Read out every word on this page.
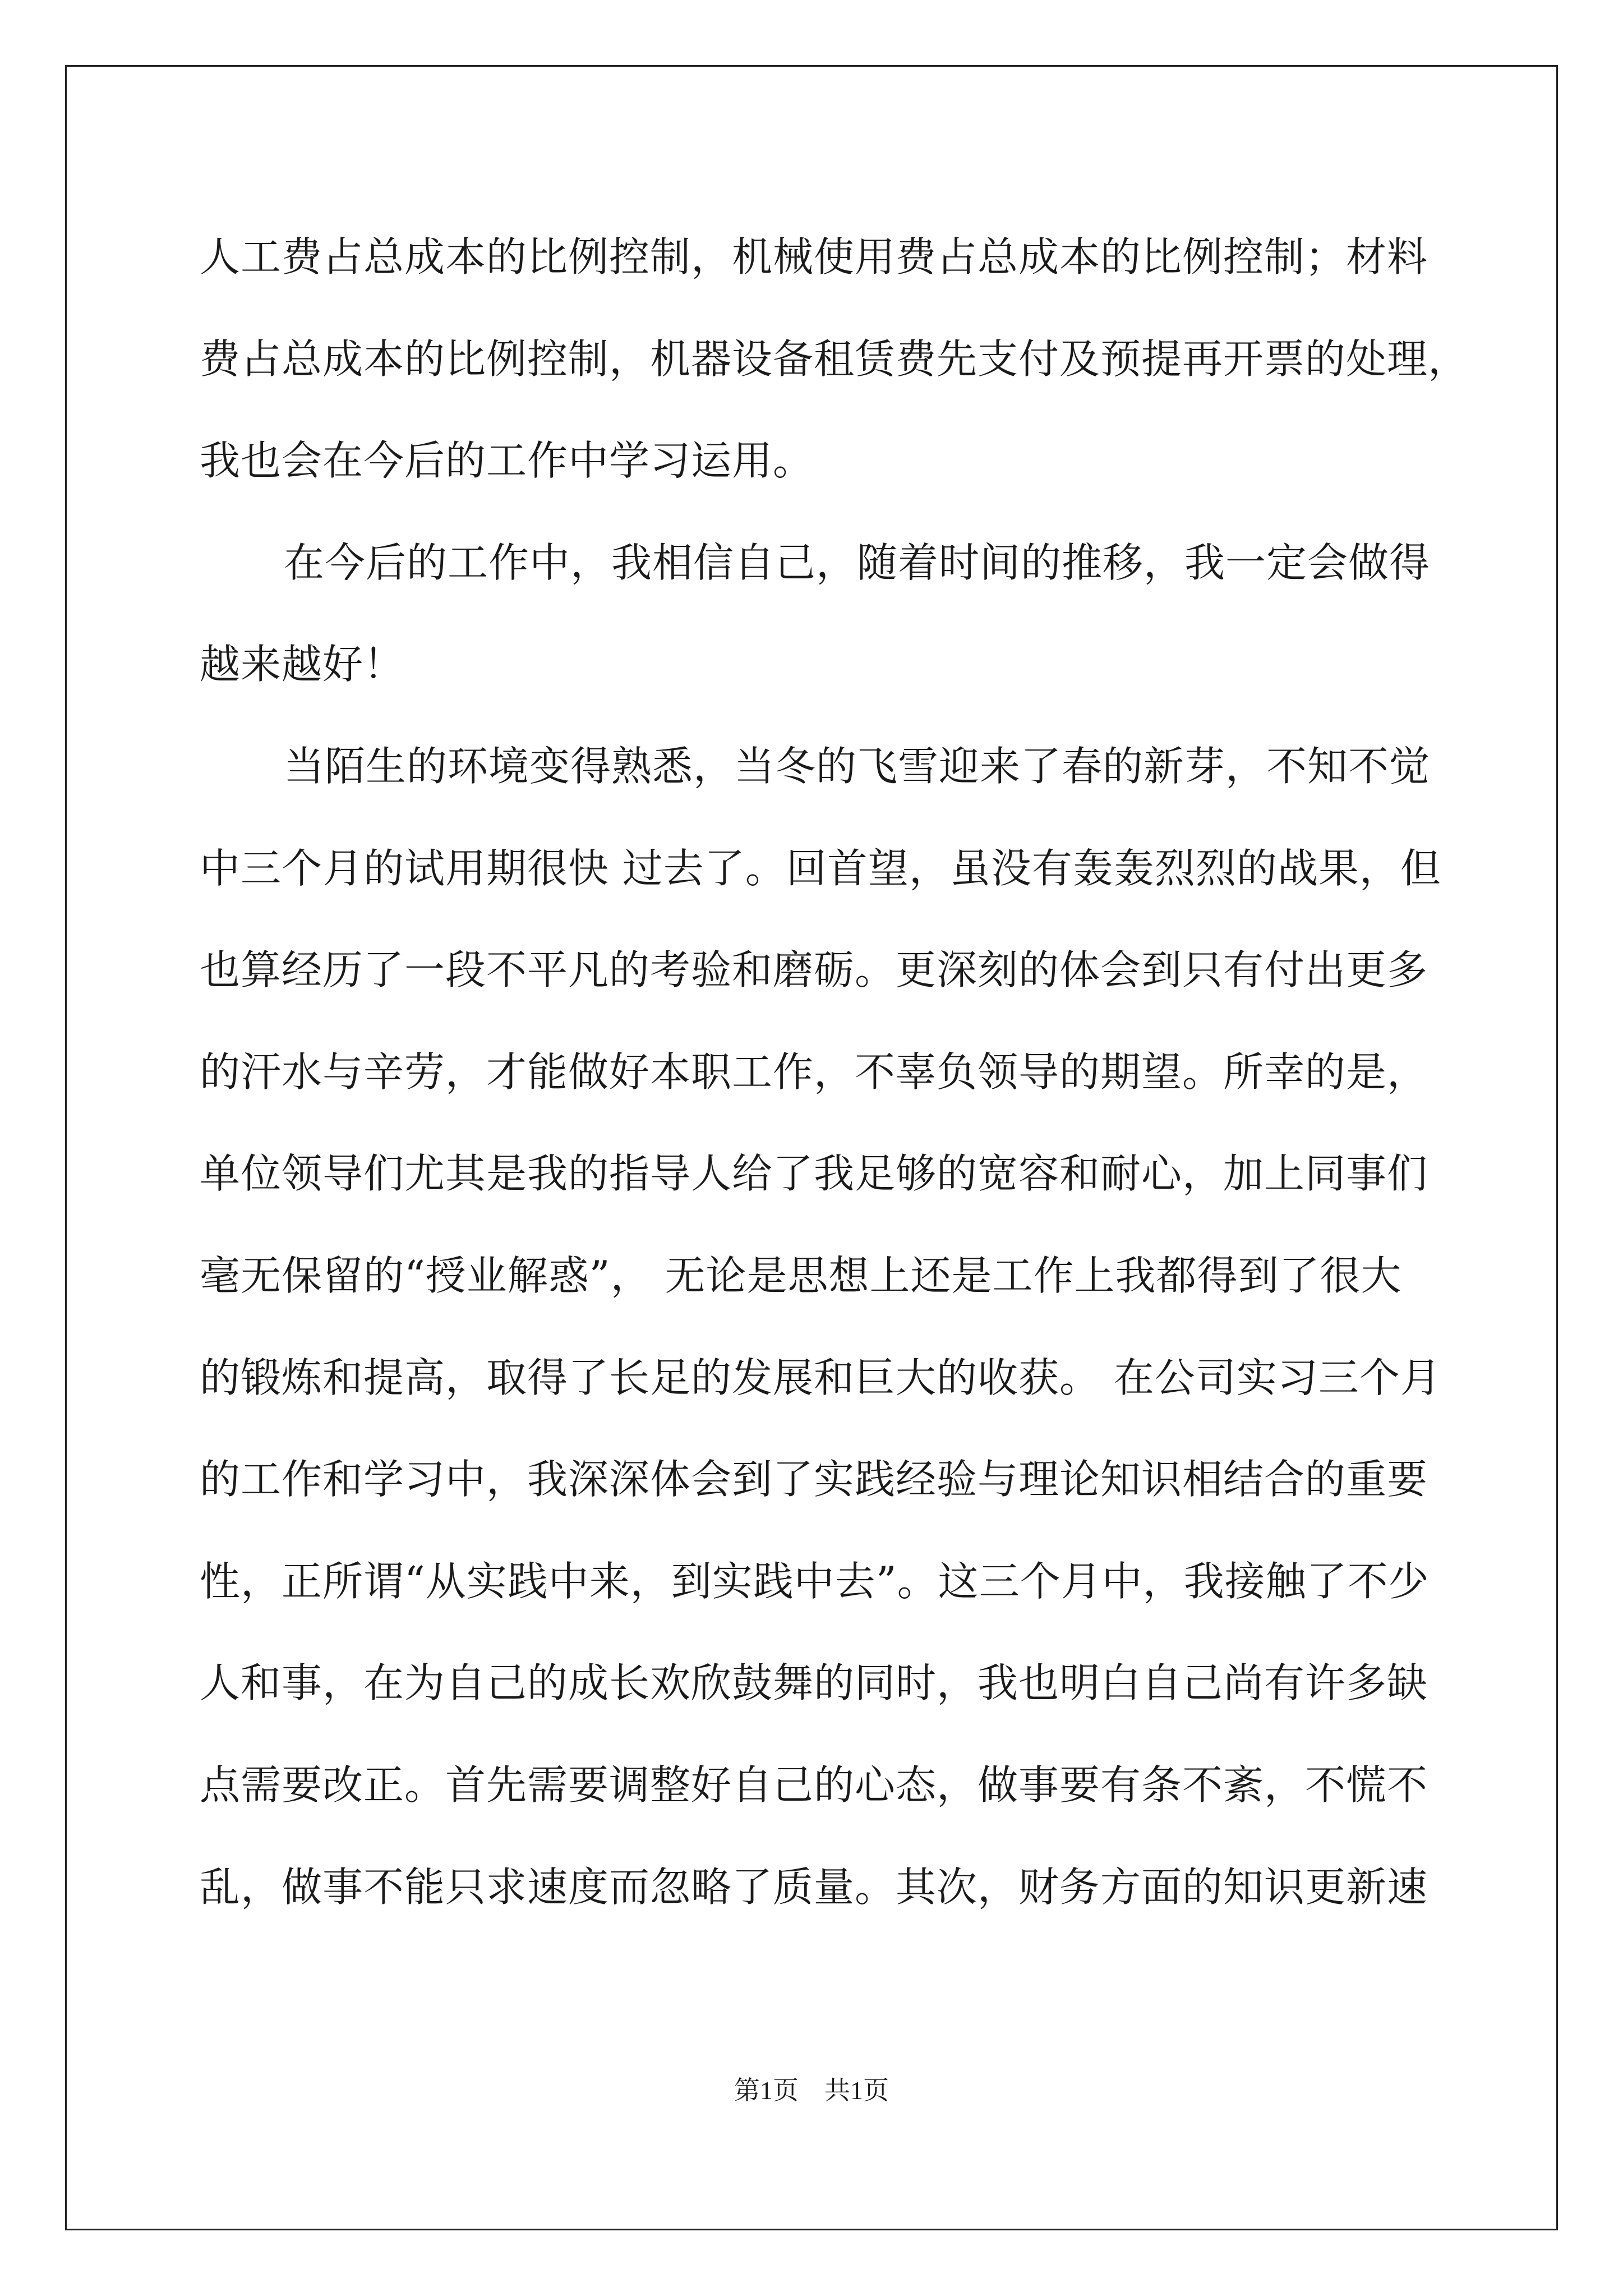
人工费占总成本的比例控制，机械使用费占总成本的比例控制；材料
费占总成本的比例控制，机器设备租赁费先支付及预提再开票的处理，
我也会在今后的工作中学习运用。
在今后的工作中，我相信自己，随着时间的推移，我一定会做得
越来越好！
当陌生的环境变得熟悉，当冬的飞雪迎来了春的新芽，不知不觉
中三个月的试用期很快 过去了。回首望，虽没有轰轰烈烈的战果，但
也算经历了一段不平凡的考验和磨砺。更深刻的体会到只有付出更多
的汗水与辛劳，才能做好本职工作，不辜负领导的期望。所幸的是，
单位领导们尤其是我的指导人给了我足够的宽容和耐心，加上同事们
毫无保留的“授业解惑”， 无论是思想上还是工作上我都得到了很大
的锻炼和提高，取得了长足的发展和巨大的收获。 在公司实习三个月
的工作和学习中，我深深体会到了实践经验与理论知识相结合的重要
性，正所谓“从实践中来，到实践中去”。这三个月中，我接触了不少
人和事，在为自己的成长欢欣鼓舞的同时，我也明白自己尚有许多缺
点需要改正。首先需要调整好自己的心态，做事要有条不紊，不慌不
乱，做事不能只求速度而忽略了质量。其次，财务方面的知识更新速
第1页　共1页
